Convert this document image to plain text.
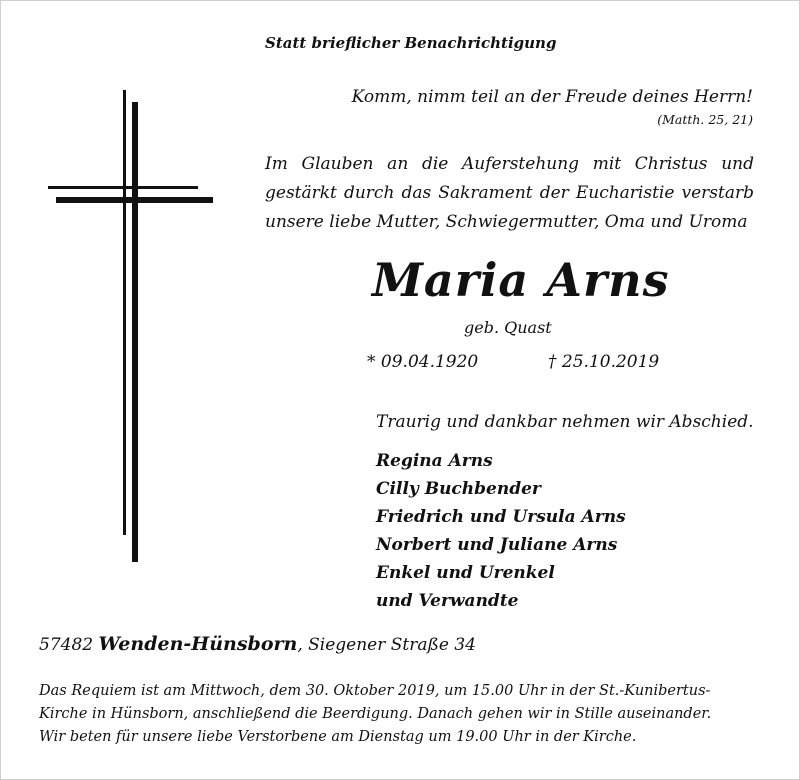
Statt brieflicher Benachrichtigung
Komm, nimm teil an der Freude deines Herrn!
(Matth. 25, 21)
Im Glauben an die Auferstehung mit Christus und
gestärkt durch das Sakrament der Eucharistie verstarb
unsere liebe Mutter, Schwiegermutter, Oma und Uroma
Maria Arns
geb. Quast
* 09.04.1920	† 25.10.2019
Traurig und dankbar nehmen wir Abschied.
Regina Arns
Cilly Buchbender
Friedrich und Ursula Arns
Norbert und Juliane Arns
Enkel und Urenkel
und Verwandte
57482 Wenden-Hünsborn, Siegener Straße 34
Das Requiem ist am Mittwoch, dem 30. Oktober 2019, um 15.00 Uhr in der St.-Kunibertus-
Kirche in Hünsborn, anschließend die Beerdigung. Danach gehen wir in Stille auseinander.
Wir beten für unsere liebe Verstorbene am Dienstag um 19.00 Uhr in der Kirche.
